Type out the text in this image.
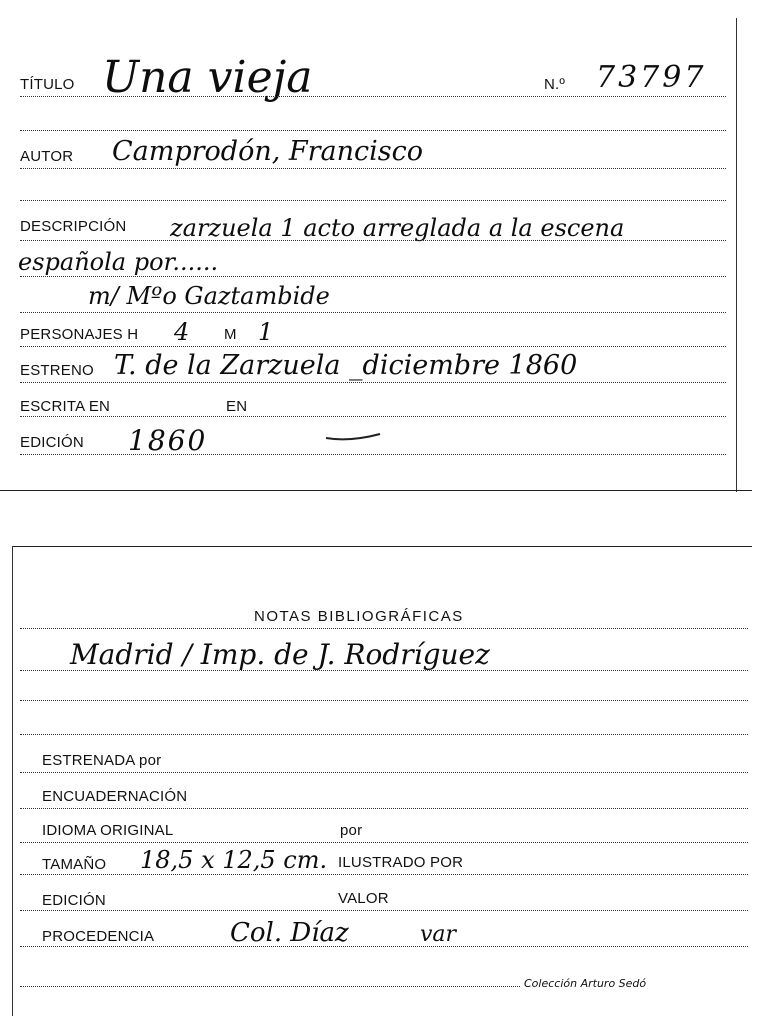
TÍTULO Una vieja	N.º 73797
AUTOR Camprodón, Francisco
DESCRIPCIÓN zarzuela 1 acto arreglada a la escena
española por......
m/ Mºo Gaztambide
PERSONAJES H 4 M 1
ESTRENO T. de la Zarzuela _diciembre 1860
ESCRITA EN	EN
EDICIÓN 1860
NOTAS BIBLIOGRÁFICAS
Madrid / Imp. de J. Rodríguez
ESTRENADA por
ENCUADERNACIÓN
IDIOMA ORIGINAL	por
TAMAÑO 18,5 x 12,5 cm. ILUSTRADO POR
EDICIÓN	VALOR
PROCEDENCIA	Col. Díaz	var
Colección Arturo Sedó
